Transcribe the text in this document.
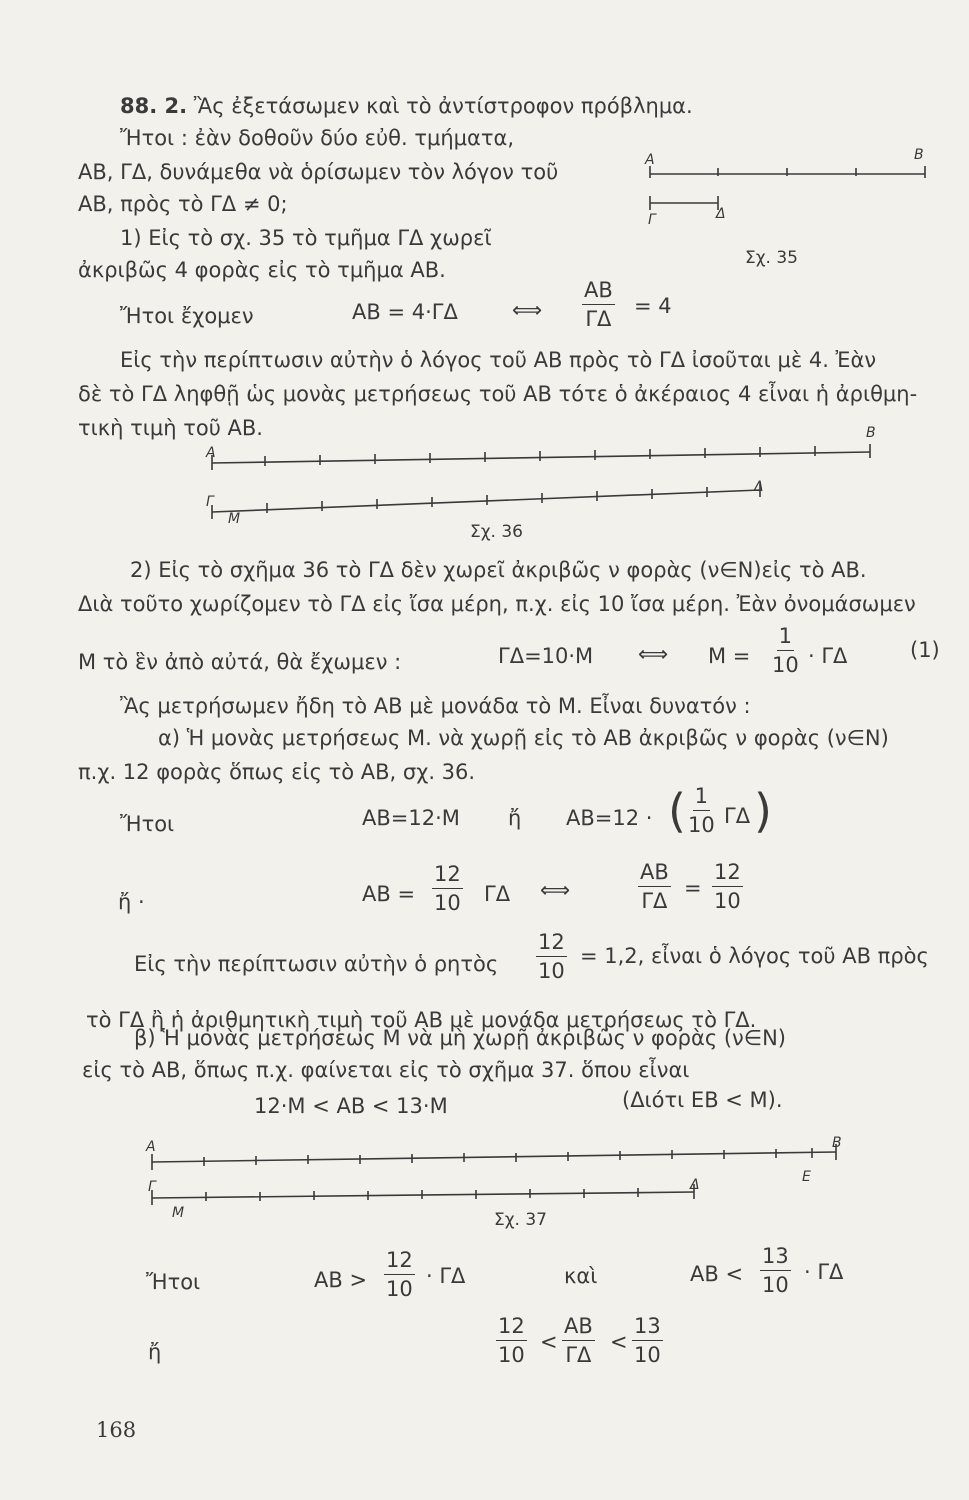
88. 2. Ἂς ἐξετάσωμεν καὶ τὸ ἀντίστροφον πρόβλημα.
Ἤτοι : ἐὰν δοθοῦν δύο εὐθ. τμήματα,
ΑΒ, ΓΔ, δυνάμεθα νὰ ὁρίσωμεν τὸν λόγον τοῦ
ΑΒ, πρὸς τὸ ΓΔ ≠ 0;
1) Εἰς τὸ σχ. 35 τὸ τμῆμα ΓΔ χωρεῖ
ἀκριβῶς 4 φορὰς εἰς τὸ τμῆμα ΑΒ.
Α	Β
Γ	Δ
Σχ. 35
Ἤτοι ἔχομεν	ΑΒ = 4·ΓΔ	⟺ $\frac{AB}{\Gamma\Delta} = 4$
Εἰς τὴν περίπτωσιν αὐτὴν ὁ λόγος τοῦ ΑΒ πρὸς τὸ ΓΔ ἰσοῦται μὲ 4. Ἐὰν
δὲ τὸ ΓΔ ληφθῇ ὡς μονὰς μετρήσεως τοῦ ΑΒ τότε ὁ ἀκέραιος 4 εἶναι ἡ ἀριθμη-
τικὴ τιμὴ τοῦ ΑΒ.
Α
Β
Γ
Μ
Δ
Σχ. 36
2) Εἰς τὸ σχῆμα 36 τὸ ΓΔ δὲν χωρεῖ ἀκριβῶς ν φορὰς (ν∈Ν)εἰς τὸ ΑΒ.
Διὰ τοῦτο χωρίζομεν τὸ ΓΔ εἰς ἴσα μέρη, π.χ. εἰς 10 ἴσα μέρη. Ἐὰν ὀνομάσωμεν
Μ τὸ ἓν ἀπὸ αὐτά, θὰ ἔχωμεν :	ΓΔ=10·Μ ⟺ $M = \frac{1}{10} \cdot \Gamma\Delta$	(1)
Ἂς μετρήσωμεν ἤδη τὸ ΑΒ μὲ μονάδα τὸ Μ. Εἶναι δυνατόν :
α) Ἡ μονὰς μετρήσεως Μ. νὰ χωρῇ εἰς τὸ ΑΒ ἀκριβῶς ν φορὰς (ν∈Ν)
π.χ. 12 φορὰς ὅπως εἰς τὸ ΑΒ, σχ. 36.
Ἤτοι	ΑΒ=12·Μ ἤ ΑΒ=12 · ( $\frac{1}{10}$ ΓΔ )
ἤ ·	$AB = \frac{12}{10}$ ΓΔ ⟺	$\frac{AB}{\Gamma\Delta} = \frac{12}{10}$
Εἰς τὴν περίπτωσιν αὐτὴν ὁ ρητὸς $\frac{12}{10} = 1,2$, εἶναι ὁ λόγος τοῦ ΑΒ πρὸς
τὸ ΓΔ ἢ ἡ ἀριθμητικὴ τιμὴ τοῦ ΑΒ μὲ μονάδα μετρήσεως τὸ ΓΔ.
β) Ἡ μονὰς μετρήσεως Μ νὰ μὴ χωρῇ ἀκριβῶς ν φορὰς (ν∈Ν)
εἰς τὸ ΑΒ, ὅπως π.χ. φαίνεται εἰς τὸ σχῆμα 37. ὅπου εἶναι
12·Μ < ΑΒ < 13·Μ	(Διότι ΕΒ < Μ).
Α	Β
Ε
Γ
Μ
Δ
Σχ. 37
Ἤτοι	$AB > \frac{12}{10} \cdot \Gamma\Delta$	καὶ	$AB < \frac{13}{10} \cdot \Gamma\Delta$
ἤ	$\frac{12}{10} < \frac{AB}{\Gamma\Delta} < \frac{13}{10}$
168
